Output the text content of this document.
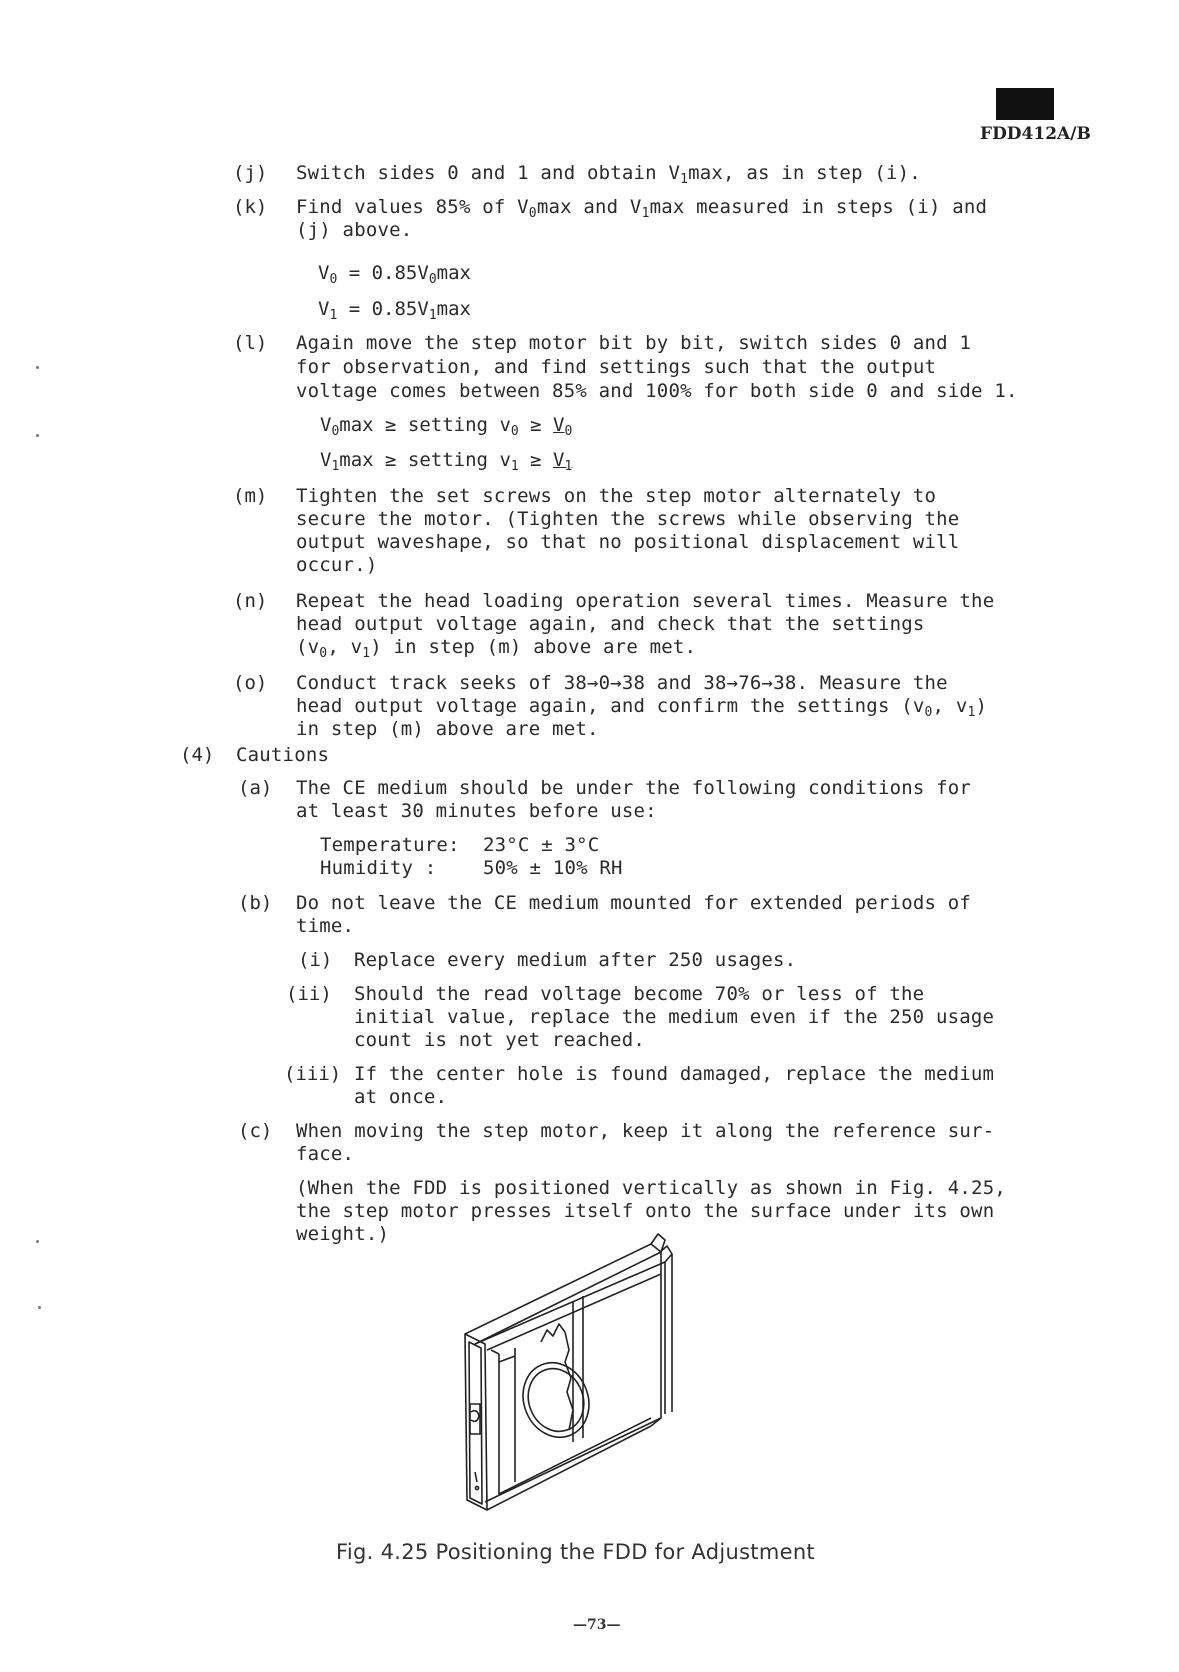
FDD412A/B
(j) Switch sides 0 and 1 and obtain $V_1\max$, as in step (i).
(k) Find values 85% of $V_0\max$ and $V_1\max$ measured in steps (i) and
(j) above.
$V_0 = 0.85V_0\max$
$V_1 = 0.85V_1\max$
(l) Again move the step motor bit by bit, switch sides 0 and 1
for observation, and find settings such that the output
voltage comes between 85% and 100% for both side 0 and side 1.
$V_0\max$ ≥ setting $v_0 \ge V_0$
$V_1\max$ ≥ setting $v_1 \ge V_1$
(m) Tighten the set screws on the step motor alternately to
secure the motor. (Tighten the screws while observing the
output waveshape, so that no positional displacement will
occur.)
(n) Repeat the head loading operation several times. Measure the
head output voltage again, and check that the settings
($v_0$, $v_1$) in step (m) above are met.
(o) Conduct track seeks of 38→0→38 and 38→76→38. Measure the
head output voltage again, and confirm the settings ($v_0$, $v_1$)
in step (m) above are met.
(4) Cautions
(a) The CE medium should be under the following conditions for
at least 30 minutes before use:
Temperature: 23°C ± 3°C
Humidity : 50% ± 10% RH
(b) Do not leave the CE medium mounted for extended periods of
time.
(i) Replace every medium after 250 usages.
(ii) Should the read voltage become 70% or less of the
initial value, replace the medium even if the 250 usage
count is not yet reached.
(iii) If the center hole is found damaged, replace the medium
at once.
(c) When moving the step motor, keep it along the reference sur-
face.
(When the FDD is positioned vertically as shown in Fig. 4.25,
the step motor presses itself onto the surface under its own
weight.)
Fig. 4.25 Positioning the FDD for Adjustment
—73—
